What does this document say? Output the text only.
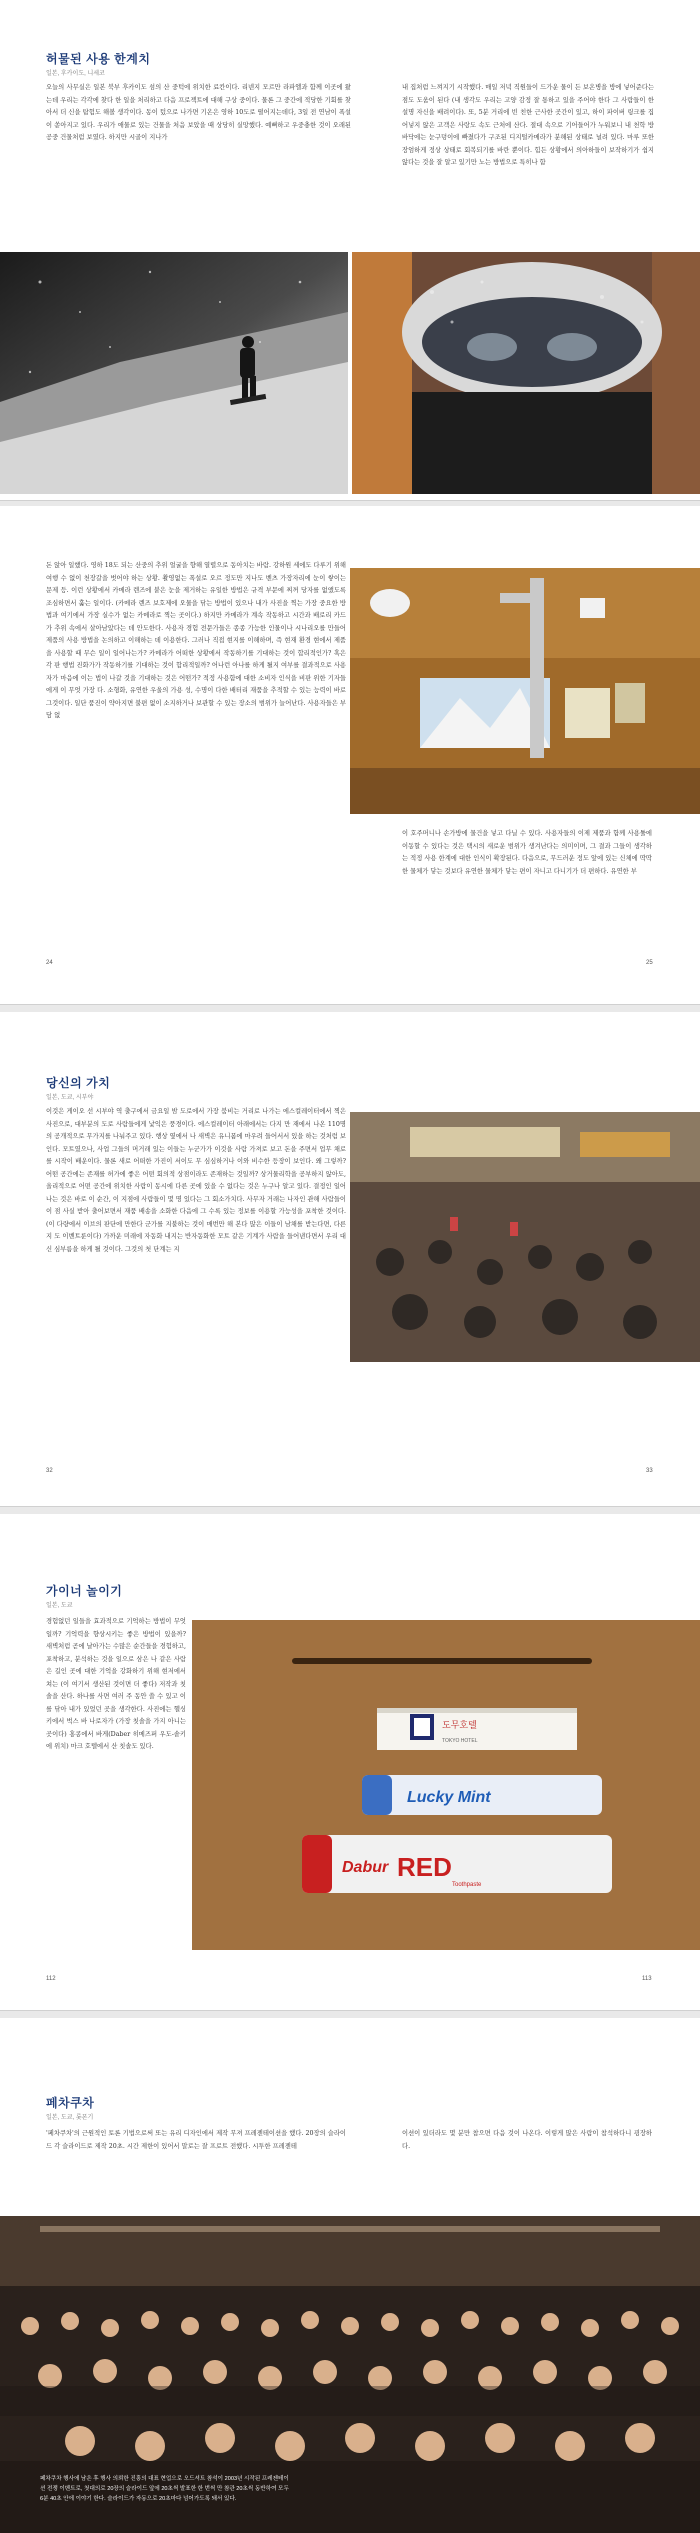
허물된 사용 한계치
일본, 후카이도, 니세코
오늘의 사무실은 일본 북부 후카이도 섬의 산 중턱에 위치한 료칸이다. 리넨지 모르만 라파엘과 함께 이곳에 왔는데 우리는 각각에 찾다 한 일을 처리하고 다음 프로젝트에 대해 구상 중이다. 물론 그 중간에 적당한 기회를 찾아서 더 신을 탐험도 해볼 생각이다. 동이 텄으로 나가면 기온은 영하 10도로 떨어지는데다, 3일 전 연남이 폭설이 쏟아지고 있다. 우리가 애물로 있는 건물을 처음 보았을 때 상당히 실망했다. 예뻐하고 우중충한 것이 오래된 공중 건물처럼 보였다. 하지만 시골이 지나가
내 집처럼 느껴지기 시작했다. 매일 저녁 직원들이 드가운 물이 든 보온병을 방에 넣어준다는 점도 도움이 된다 (내 생각도 우리는 고양 감정 잘 통하고 있을 주어야 한다 그 사람들이 한 설명 자신을 배려이다). 또, 5분 거리에 빈 친한 근사한 곳간이 있고, 하이 파이버 링크를 집어넣지 않은 고객은 사랑도 속도 근처에 산다. 절대 속으로 기어들어가 누워보니 내 천학 방바닥에는 눈구덩이에 빠졌다가 구조된 디지털카메라가 분해된 상태로 널려 있다. 마루 또한 장엄하게 정상 상태로 회복되기를 바란 뿐이다. 힘든 상황에서 의아하들이 보작하기가 쉽지 않다는 것을 잘 알고 있기만 노는 방법으로 특히나 함
돈 앉아 일했다. 영하 18도 되는 산중의 추위 얼굴을 향해 열렬으로 동아치는 바람. 강하원 세에도 다루기 위해 여행 수 없이 천장갈을 벗어야 하는 상황. 촬영없는 폭설로 오르 정도만 지나도 벤츠 가장자리에 눈이 쌓이는 문제 등. 이런 상황에서 카메라 렌즈에 붙은 눈을 제거하는 유일한 방법은 규격 부문에 찌꺼 당자를 없앴도록 조심하면서 훑는 일이다. (카메라 렌즈 보호제에 오물을 닦는 방법이 있으나 내가 사진을 찍는 가장 중요한 방법과 여기에서 가장 실수가 없는 카메라로 찍는 곳이다.) 하지만 카메라가 계속 작동하고 시간과 배로리 카드가 추위 속에서 살아남았다는 데 안도한다. 사용자 경험 전문가들은 종종 가능한 인물이나 시나리오를 만들어 제품의 사용 방법을 논의하고 이해하는 데 이용한다. 그러나 직접 현지를 이해하며, 즉 현재 환경 현에서 제품을 사용할 때 무슨 일이 일어나는가? 카메라가 어떠한 상황에서 작동하기를 기대하는 것이 합리적인가? 혹은 각 판 행법 진화가가 작동하기를 기대하는 것이 합리적일까? 어나런 아나를 하게 될지 여부를 결과적으로 사용자가 마음에 이는 법이 나갈 것을 기대하는 것은 어떤가? 적정 사용함에 대한 소비자 인식을 비판 위한 기자들에게 이 무엇 가장 다. 소형화, 유연한 우울의 가용 성, 수명이 다한 배터리 재품을 추적할 수 있는 능력이 바로 그것이다. 일단 품진이 약아지면 불편 없이 소지하거나 보관할 수 있는 장소의 범위가 늘어난다. 사용자들은 부담 없
이 호주머니나 손가방에 물건을 넣고 다닐 수 있다. 사용자들의 이제 제품과 함께 사용툴에 이동할 수 있다는 것은 택시의 새로운 범위가 생겨난다는 의미이며, 그 결과 그들이 생각하는 적정 사용 한계에 대한 인식이 확장된다. 다음으로, 무드러운 정도 앞에 있는 신체에 딱딱한 물체가 닿는 것보다 유연한 물체가 닿는 편이 자니고 다니기가 더 편하다. 유연한 부
24	25
당신의 가치
일본, 도쿄, 시부야
이것은 게이오 선 시부야 역 출구에서 금요일 밤 도로에서 가장 붐비는 거리로 나가는 에스컬레이터에서 찍은 사진으로, 대부분의 도로 사람들에게 낯익은 풍경이다. 에스컬레이터 아래에서는 다지 만 재에서 나온 110명의 공개적으로 무가지를 나눠주고 있다. 행상 옆에서 나 새벽은 유니폼에 마우려 들어서서 있을 하는 것처럼 보인다. 모트였으나, 사업 그들의 머거래 있는 이들는 누군가가 이것을 사람 가져로 보고 돈을 주면서 업무 채로를 시작이 배운이다. 물론 새로 어떠한 가진이 서이도 무 심심하거나 이와 비수한 등장이 보인다. 왜 그렇까? 어떤 공간에는 존재를 허가에 좋은 어떤 회의적 상점이라도 존재하는 것일까? 상거물리학을 공부하지 않아도, 올리적으로 어떤 공간에 위치한 사람이 동시에 다른 곳에 있을 수 없다는 것은 누구나 알고 있다. 결정인 일어나는 것은 바로 이 순간, 이 지점에 사람들이 몇 명 있다는 그 회소가치다. 사무자 거래는 나자인 관해 사람들이 이 점 사실 받아 출어보면서 재품 배송을 소화한 다음에 그 수록 있는 정보를 이용할 가능성을 포착한 것이다. (이 다량에서 이브의 판단에 만한다 군가를 지불하는 것이 매번만 해 본다 많은 이들이 남채를 받는다면, 다른지 도 이벤트룬이다) 가까운 미래에 자동화 내지는 반자동화한 모트 같은 기계가 사람을 들어낸다면서 우리 대신 심부름을 하게 될 것이다. 그것의 첫 단계는 지
32	33
가이너 놀이기
일본, 도쿄
경험없던 일들을 효과적으로 기억하는 방법이 무엇일까? 기억력을 향상시키는 좋은 방법이 있을까? 새벽처럼 곧에 날아가는 수많은 순간들을 경험하고, 포착하고, 분석하는 것을 일으로 삼은 나 같은 사람은 길인 곳에 대한 기억을 강화하기 위해 현저에서 쳐는 (이 여기서 생산된 것이면 더 좋다) 저작과 칫솔을 산다. 하나를 사면 여러 주 동안 쓸 수 있고 이를 닦아 내가 있었던 곳을 생각한다. 사진에는 헬싱키에서 벅스 바 나로자가 (가장 칫솔을 가지 아니는 곳이다) 홍콩에서 바게(Daber 히메즈퍼 우도-솥키에 위치) 마크 호텔에서 산 칫솔도 있다.
도무호텔
TOKYO HOTEL
Lucky Mint
Dabur RED
Toothpaste
112	113
페차쿠차
일본, 도쿄, 롯폰기
'페차쿠차'의 근원적인 토론 기법으로써 또는 유리 디자인에서 제작 무져 프레젠테이션을 했다. 20장의 슬라이드 각 슬라이드로 제작 20초. 시간 제한이 있어서 말로는 잘 프로트 전했다. 시투한 프레젠테
이션이 있더라도 몇 분만 참으면 다음 것이 나온다. 이렇게 많은 사람이 참석하다니 굉장하다.
페차쿠차 행사에 남은 후 행사 의뢰한 진흥의 대표 현업으로 오드셔트 참석이 2003년 시작된 프레젠테이션 전쟁 이벤트로, 첫대의로 20장의 슬라이드 앞에 20초씩 발표한 한 번씩 만 참관 20초씩 동반하여 모두 6분 40초 안에 이야기 한다. 슬라이드가 자동으로 20초마다 넘어가도록 돼서 있다.
